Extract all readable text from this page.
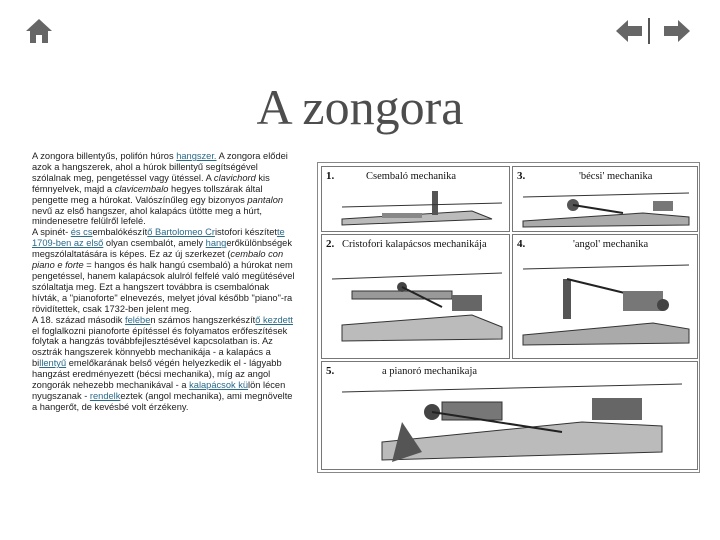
A zongora

A zongora billentyűs, polifón húros hangszer. A zongora elődei azok a hangszerek, ahol a húrok billentyű segítségével szólalnak meg, pengetéssel vagy ütéssel. A clavichord kis fémnyelvek, majd a clavicembalo hegyes tollszárak által pengette meg a húrokat. Valószínűleg egy bizonyos pantalon nevű az első hangszer, ahol kalapács ütötte meg a húrt, mindenesetre felülről lefelé.

A spinét- és csembalókészítő Bartolomeo Cristofori készítette 1709-ben az első olyan csembalót, amely hangerőkülönbségek megszólaltatására is képes. Ez az új szerkezet (cembalo con piano e forte = hangos és halk hangú csembaló) a húrokat nem pengetéssel, hanem kalapácsok alulról felfelé való megütésével szólaltatja meg. Ezt a hangszert továbbra is csembalónak hívták, a "pianoforte" elnevezés, melyet jóval később "piano"-ra rövidítettek, csak 1732-ben jelent meg.

A 18. század második felében számos hangszerkészítő kezdett el foglalkozni pianoforte építéssel és folyamatos erőfeszítések folytak a hangzás továbbfejlesztésével kapcsolatban is. Az osztrák hangszerek könnyebb mechanikája - a kalapács a billentyű emelőkarának belső végén helyezkedik el - lágyabb hangzást eredményezett (bécsi mechanika), míg az angol zongorák nehezebb mechanikával - a kalapácsok külön lécen nyugszanak - rendelkeztek (angol mechanika), ami megnövelte a hangerőt, de kevésbé volt érzékeny.

1.	Csembaló mechanika	3.	'bécsi' mechanika
2. Cristofori kalapácsos mechanikája	4.	'angol' mechanika
5.	a pianoró mechanikaja
